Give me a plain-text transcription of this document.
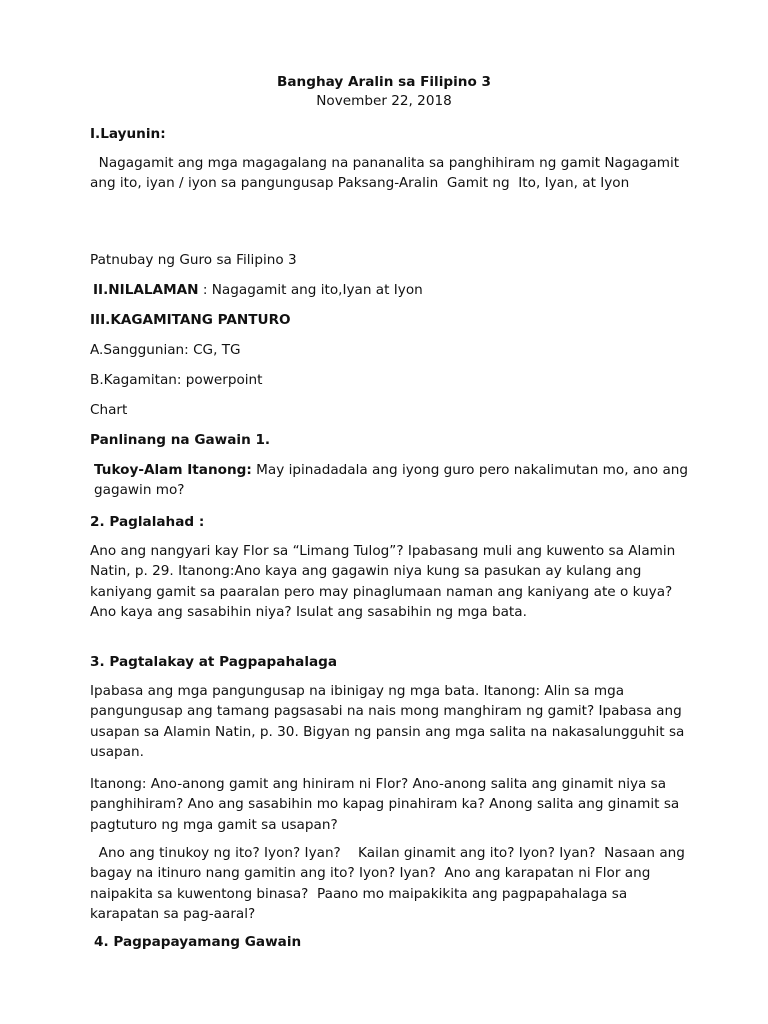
Banghay Aralin sa Filipino 3
November 22, 2018
I.Layunin:
Nagagamit ang mga magagalang na pananalita sa panghihiram ng gamit Nagagamit ang ito, iyan / iyon sa pangungusap Paksang-Aralin  Gamit ng  Ito, Iyan, at Iyon
Patnubay ng Guro sa Filipino 3
II.NILALAMAN : Nagagamit ang ito,Iyan at Iyon
III.KAGAMITANG PANTURO
A.Sanggunian: CG, TG
B.Kagamitan: powerpoint
Chart
Panlinang na Gawain 1.
Tukoy-Alam Itanong: May ipinadadala ang iyong guro pero nakalimutan mo, ano ang gagawin mo?
2. Paglalahad :
Ano ang nangyari kay Flor sa “Limang Tulog”? Ipabasang muli ang kuwento sa Alamin Natin, p. 29. Itanong:Ano kaya ang gagawin niya kung sa pasukan ay kulang ang kaniyang gamit sa paaralan pero may pinaglumaan naman ang kaniyang ate o kuya? Ano kaya ang sasabihin niya? Isulat ang sasabihin ng mga bata.
3. Pagtalakay at Pagpapahalaga
Ipabasa ang mga pangungusap na ibinigay ng mga bata. Itanong: Alin sa mga pangungusap ang tamang pagsasabi na nais mong manghiram ng gamit? Ipabasa ang usapan sa Alamin Natin, p. 30. Bigyan ng pansin ang mga salita na nakasalungguhit sa usapan.
Itanong: Ano-anong gamit ang hiniram ni Flor? Ano-anong salita ang ginamit niya sa panghihiram? Ano ang sasabihin mo kapag pinahiram ka? Anong salita ang ginamit sa pagtuturo ng mga gamit sa usapan?
Ano ang tinukoy ng ito? Iyon? Iyan?    Kailan ginamit ang ito? Iyon? Iyan?  Nasaan ang bagay na itinuro nang gamitin ang ito? Iyon? Iyan?  Ano ang karapatan ni Flor ang naipakita sa kuwentong binasa?  Paano mo maipakikita ang pagpapahalaga sa karapatan sa pag-aaral?
4. Pagpapayamang Gawain
